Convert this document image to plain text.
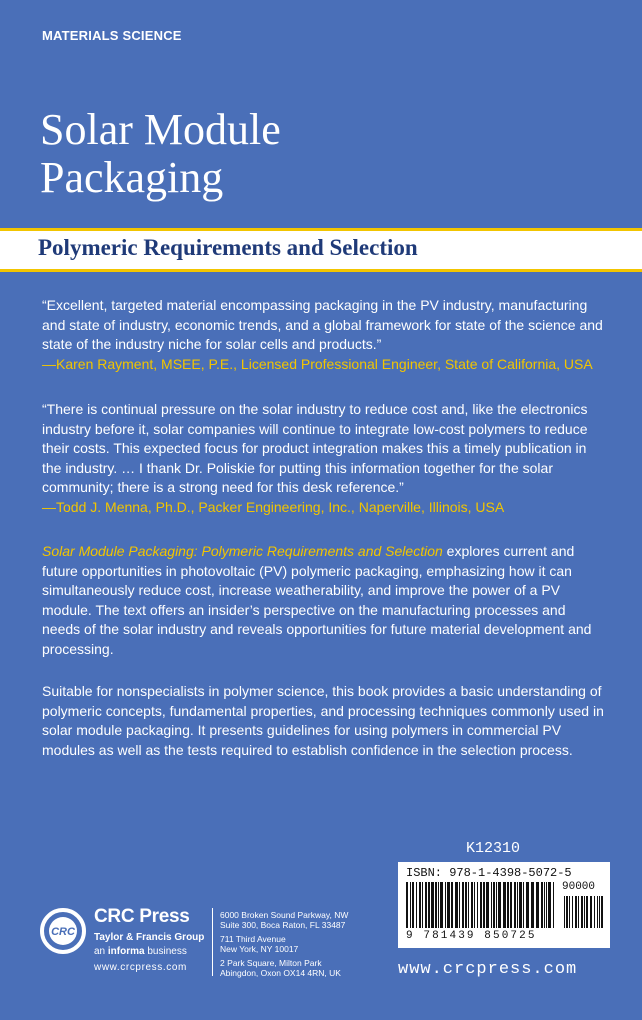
MATERIALS SCIENCE
Solar Module
Packaging
Polymeric Requirements and Selection

“Excellent, targeted material encompassing packaging in the PV industry, manufacturing and state of industry, economic trends, and a global framework for state of the science and state of the industry niche for solar cells and products.”
—Karen Rayment, MSEE, P.E., Licensed Professional Engineer, State of California, USA

“There is continual pressure on the solar industry to reduce cost and, like the electronics industry before it, solar companies will continue to integrate low-cost polymers to reduce their costs. This expected focus for product integration makes this a timely publication in the industry. … I thank Dr. Poliskie for putting this information together for the solar community; there is a strong need for this desk reference.”
—Todd J. Menna, Ph.D., Packer Engineering, Inc., Naperville, Illinois, USA

Solar Module Packaging: Polymeric Requirements and Selection explores current and future opportunities in photovoltaic (PV) polymeric packaging, emphasizing how it can simultaneously reduce cost, increase weatherability, and improve the power of a PV module. The text offers an insider’s perspective on the manufacturing processes and needs of the solar industry and reveals opportunities for future material development and processing.

Suitable for nonspecialists in polymer science, this book provides a basic understanding of polymeric concepts, fundamental properties, and processing techniques commonly used in solar module packaging. It presents guidelines for using polymers in commercial PV modules as well as the tests required to establish confidence in the selection process.

K12310
ISBN: 978-1-4398-5072-5
90000
9 781439 850725
CRC
CRC Press
Taylor & Francis Group
an informa business
www.crcpress.com
6000 Broken Sound Parkway, NW
Suite 300, Boca Raton, FL 33487
711 Third Avenue
New York, NY 10017
2 Park Square, Milton Park
Abingdon, Oxon OX14 4RN, UK	www.crcpress.com
